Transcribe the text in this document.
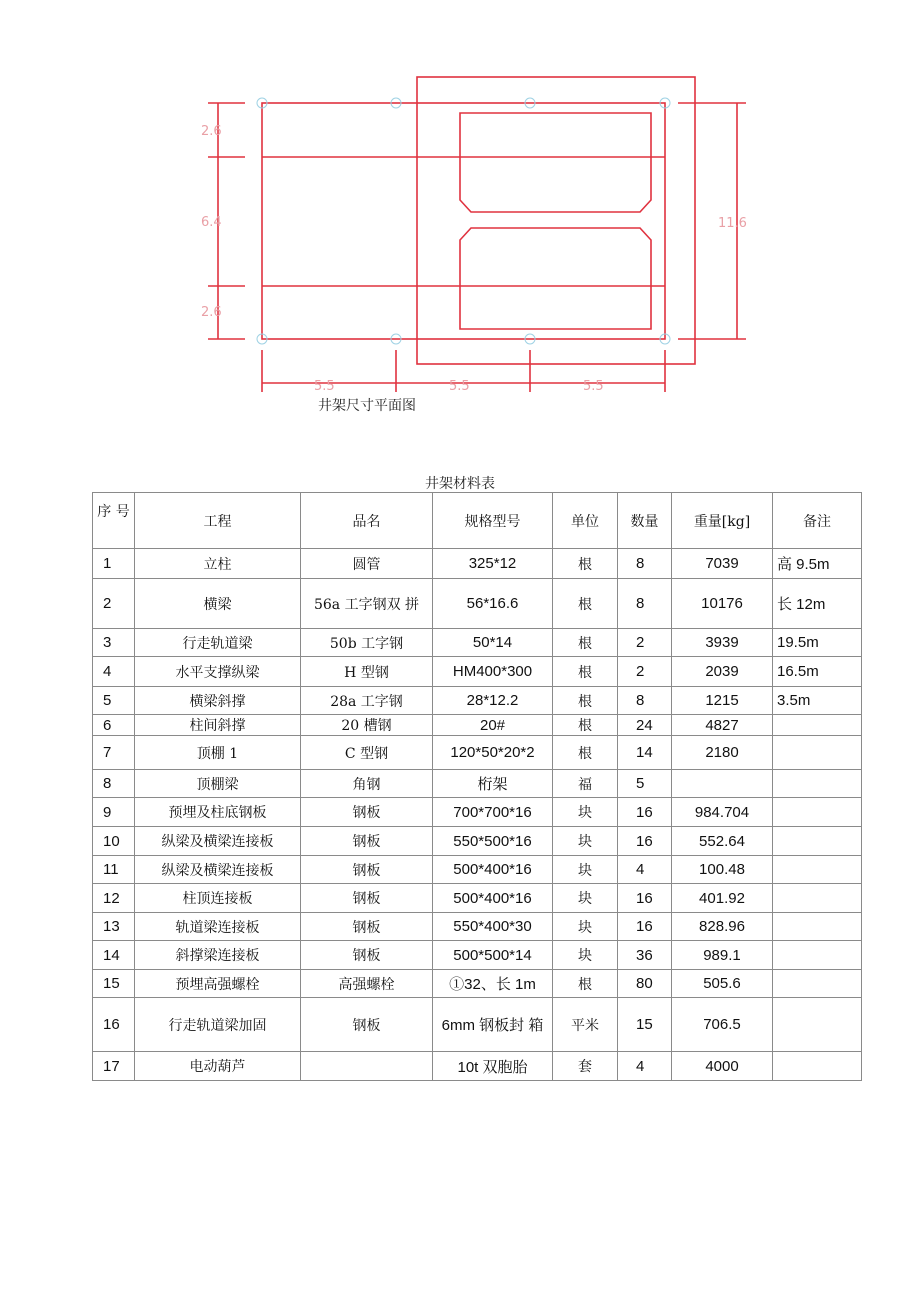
2.6
6.4
2.6
11.6
5.5	5.5	5.5
井架尺寸平面图
井架材料表
序 号	工程	品名	规格型号	单位	数量	重量[kg]	备注
1	立柱	圆管	325*12	根	8	7039	高 9.5m
2	横梁	56a 工字钢双 拼	56*16.6	根	8	10176	长 12m
3	行走轨道梁	50b 工字钢	50*14	根	2	3939	19.5m
4	水平支撑纵梁	H 型钢	HM400*300	根	2	2039	16.5m
5	横梁斜撑	28a 工字钢	28*12.2	根	8	1215	3.5m
6	柱间斜撑	20 槽钢	20#	根	24	4827	
7	顶棚 1	C 型钢	120*50*20*2	根	14	2180	
8	顶棚梁	角钢	桁架	福	5		
9	预埋及柱底钢板	钢板	700*700*16	块	16	984.704	
10	纵梁及横梁连接板	钢板	550*500*16	块	16	552.64	
11	纵梁及横梁连接板	钢板	500*400*16	块	4	100.48	
12	柱顶连接板	钢板	500*400*16	块	16	401.92	
13	轨道梁连接板	钢板	550*400*30	块	16	828.96	
14	斜撑梁连接板	钢板	500*500*14	块	36	989.1	
15	预埋高强螺栓	高强螺栓	①32、长 1m	根	80	505.6	
16	行走轨道梁加固	钢板	6mm 钢板封 箱	平米	15	706.5	
17	电动葫芦		10t 双胞胎	套	4	4000	
